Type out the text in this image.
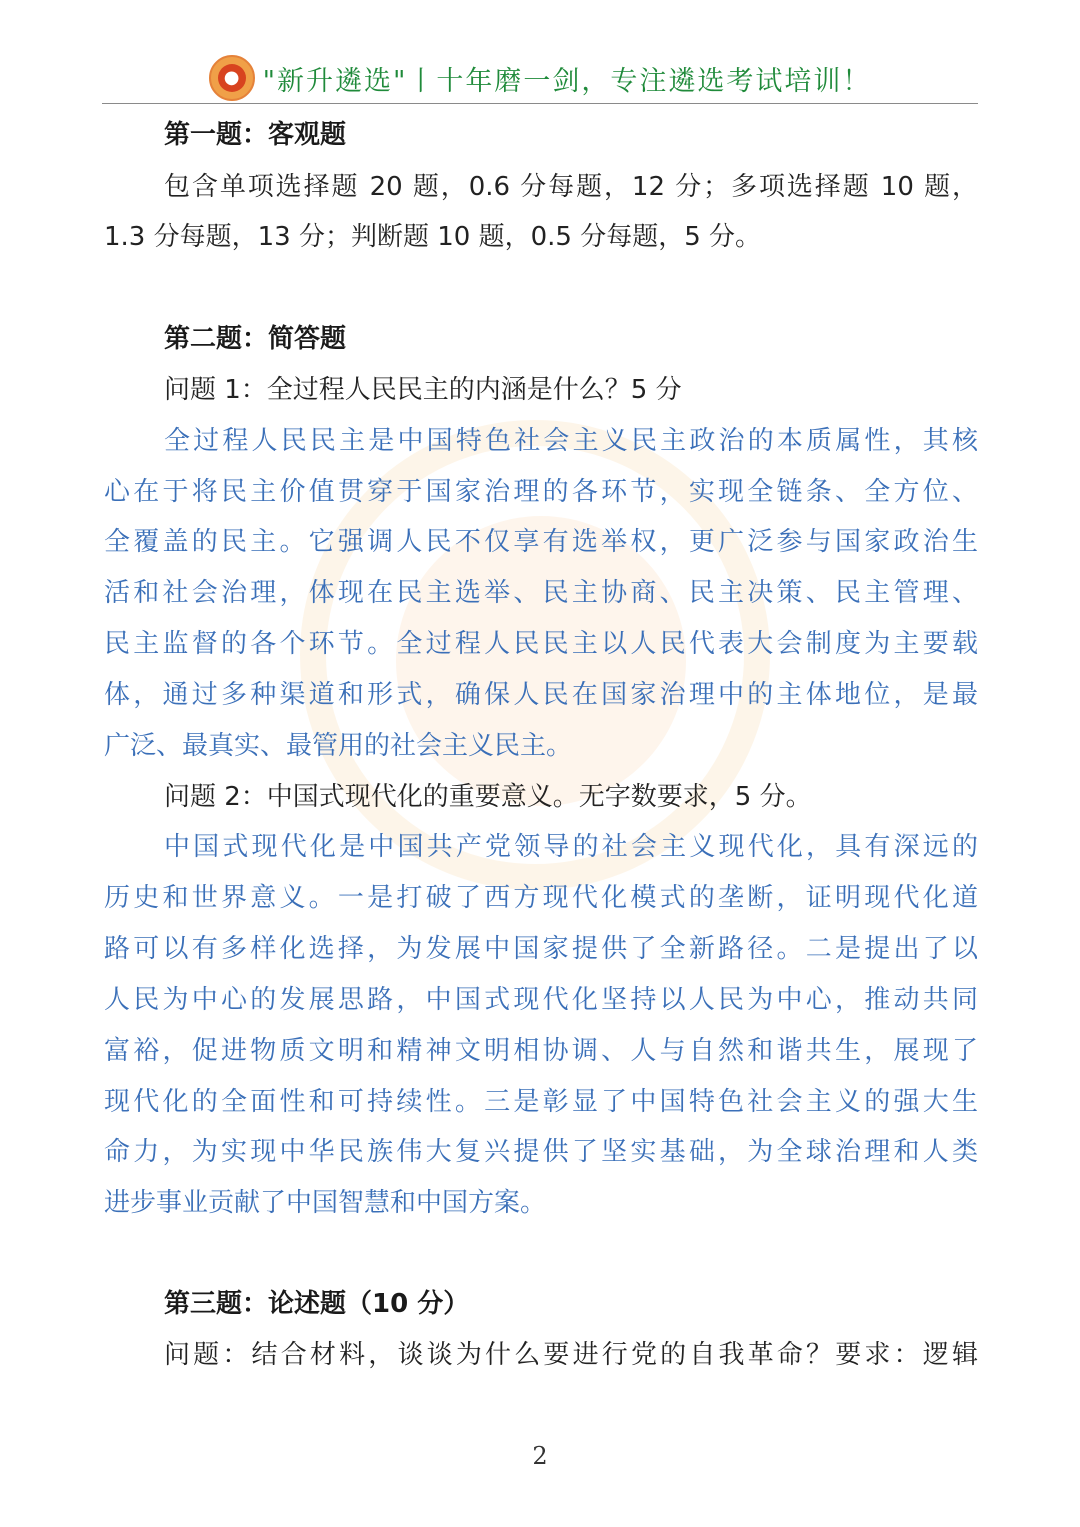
● "新升遴选"丨十年磨一剑，专注遴选考试培训！
第一题：客观题
包含单项选择题 20 题，0.6 分每题，12 分；多项选择题 10 题，
1.3 分每题，13 分；判断题 10 题，0.5 分每题，5 分。
第二题：简答题
问题 1：全过程人民民主的内涵是什么？5 分
全过程人民民主是中国特色社会主义民主政治的本质属性，其核
心在于将民主价值贯穿于国家治理的各环节，实现全链条、全方位、
全覆盖的民主。它强调人民不仅享有选举权，更广泛参与国家政治生
活和社会治理，体现在民主选举、民主协商、民主决策、民主管理、
民主监督的各个环节。全过程人民民主以人民代表大会制度为主要载
体，通过多种渠道和形式，确保人民在国家治理中的主体地位，是最
广泛、最真实、最管用的社会主义民主。
问题 2：中国式现代化的重要意义。无字数要求，5 分。
中国式现代化是中国共产党领导的社会主义现代化，具有深远的
历史和世界意义。一是打破了西方现代化模式的垄断，证明现代化道
路可以有多样化选择，为发展中国家提供了全新路径。二是提出了以
人民为中心的发展思路，中国式现代化坚持以人民为中心，推动共同
富裕，促进物质文明和精神文明相协调、人与自然和谐共生，展现了
现代化的全面性和可持续性。三是彰显了中国特色社会主义的强大生
命力，为实现中华民族伟大复兴提供了坚实基础，为全球治理和人类
进步事业贡献了中国智慧和中国方案。
第三题：论述题（10 分）
问题：结合材料，谈谈为什么要进行党的自我革命？要求：逻辑
2
